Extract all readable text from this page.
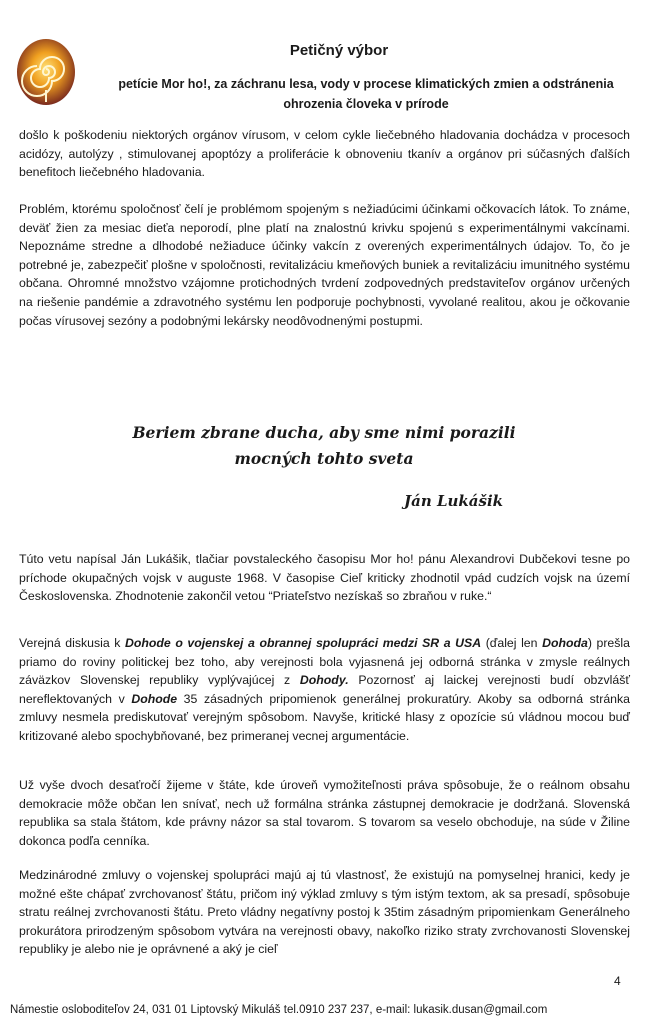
Petičný výbor
petície Mor ho!, za záchranu lesa, vody v procese klimatických zmien a odstránenia
ohrozenia človeka v prírode

došlo k poškodeniu niektorých orgánov vírusom, v celom cykle liečebného hladovania dochádza v procesoch acidózy, autolýzy , stimulovanej apoptózy a proliferácie k obnoveniu tkanív a orgánov pri súčasných ďalších benefitoch liečebného hladovania.

Problém, ktorému spoločnosť čelí je problémom spojeným s nežiadúcimi účinkami očkovacích látok. To známe, deväť žien za mesiac dieťa neporodí, plne platí na znalostnú krivku spojenú s experimentálnymi vakcínami. Nepoznáme stredne a dlhodobé nežiaduce účinky vakcín z overených experimentálnych údajov. To, čo je potrebné je, zabezpečiť plošne v spoločnosti, revitalizáciu kmeňových buniek a revitalizáciu imunitného systému občana. Ohromné množstvo vzájomne protichodných tvrdení zodpovedných predstaviteľov orgánov určených na riešenie pandémie a zdravotného systému len podporuje pochybnosti, vyvolané realitou, akou je očkovanie počas vírusovej sezóny a podobnými lekársky neodôvodnenými postupmi.

Beriem zbrane ducha, aby sme nimi porazili
mocných tohto sveta
Ján Lukášik

Túto vetu napísal Ján Lukášik, tlačiar povstaleckého časopisu Mor ho! pánu Alexandrovi Dubčekovi tesne po príchode okupačných vojsk v auguste 1968. V časopise Cieľ kriticky zhodnotil vpád cudzích vojsk na území Československa. Zhodnotenie zakončil vetou “Priateľstvo nezískaš so zbraňou v ruke.“

Verejná diskusia k Dohode o vojenskej a obrannej spolupráci medzi SR a USA (ďalej len Dohoda) prešla priamo do roviny politickej bez toho, aby verejnosti bola vyjasnená jej odborná stránka v zmysle reálnych záväzkov Slovenskej republiky vyplývajúcej z Dohody. Pozornosť aj laickej verejnosti budí obzvlášť nereflektovaných v Dohode 35 zásadných pripomienok generálnej prokuratúry. Akoby sa odborná stránka zmluvy nesmela prediskutovať verejným spôsobom. Navyše, kritické hlasy z opozície sú vládnou mocou buď kritizované alebo spochybňované, bez primeranej vecnej argumentácie.

Už vyše dvoch desaťročí žijeme v štáte, kde úroveň vymožiteľnosti práva spôsobuje, že o reálnom obsahu demokracie môže občan len snívať, nech už formálna stránka zástupnej demokracie je dodržaná. Slovenská republika sa stala štátom, kde právny názor sa stal tovarom. S tovarom sa veselo obchoduje, na súde v Žiline dokonca podľa cenníka.

Medzinárodné zmluvy o vojenskej spolupráci majú aj tú vlastnosť, že existujú na pomyselnej hranici, kedy je možné ešte chápať zvrchovanosť štátu, pričom iný výklad zmluvy s tým istým textom, ak sa presadí, spôsobuje stratu reálnej zvrchovanosti štátu. Preto vládny negatívny postoj k 35tim zásadným pripomienkam Generálneho prokurátora prirodzeným spôsobom vytvára na verejnosti obavy, nakoľko riziko straty zvrchovanosti Slovenskej republiky je alebo nie je oprávnené a aký je cieľ

4
Námestie osloboditeľov 24, 031 01 Liptovský Mikuláš tel.0910 237 237, e-mail: lukasik.dusan@gmail.com
